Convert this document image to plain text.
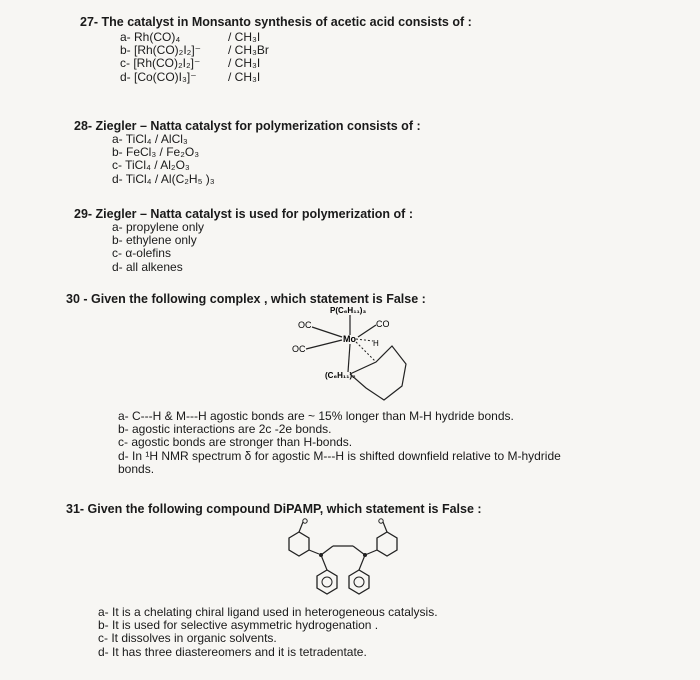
27- The catalyst in Monsanto synthesis of acetic acid consists of :
a- Rh(CO)₄
b- [Rh(CO)₂I₂]⁻
c- [Rh(CO)₂I₂]⁻
d- [Co(CO)I₃]⁻
/ CH₃I
/ CH₃Br
/ CH₃I
/ CH₃I
28- Ziegler – Natta catalyst for polymerization consists of :
a- TiCl₄ / AlCl₃
b- FeCl₃ / Fe₂O₃
c- TiCl₄ / Al₂O₃
d- TiCl₄ / Al(C₂H₅ )₃
29- Ziegler – Natta catalyst is used for polymerization of :
a- propylene only
b- ethylene only
c- α-olefins
d- all alkenes
30 - Given the following complex , which statement is False :
P(C₆H₁₁)₃
OC	CO
OC
Mo H
(C₆H₁₁)₂
a- C---H & M---H agostic bonds are ~ 15% longer than M-H hydride bonds.
b- agostic interactions are 2c -2e bonds.
c- agostic bonds are stronger than H-bonds.
d- In ¹H NMR spectrum δ for agostic M---H is shifted downfield relative to M-hydride bonds.
31- Given the following compound DiPAMP, which statement is False :
a- It is a chelating chiral ligand used in heterogeneous catalysis.
b- It is used for selective asymmetric hydrogenation .
c- It dissolves in organic solvents.
d- It has three diastereomers and it is tetradentate.
